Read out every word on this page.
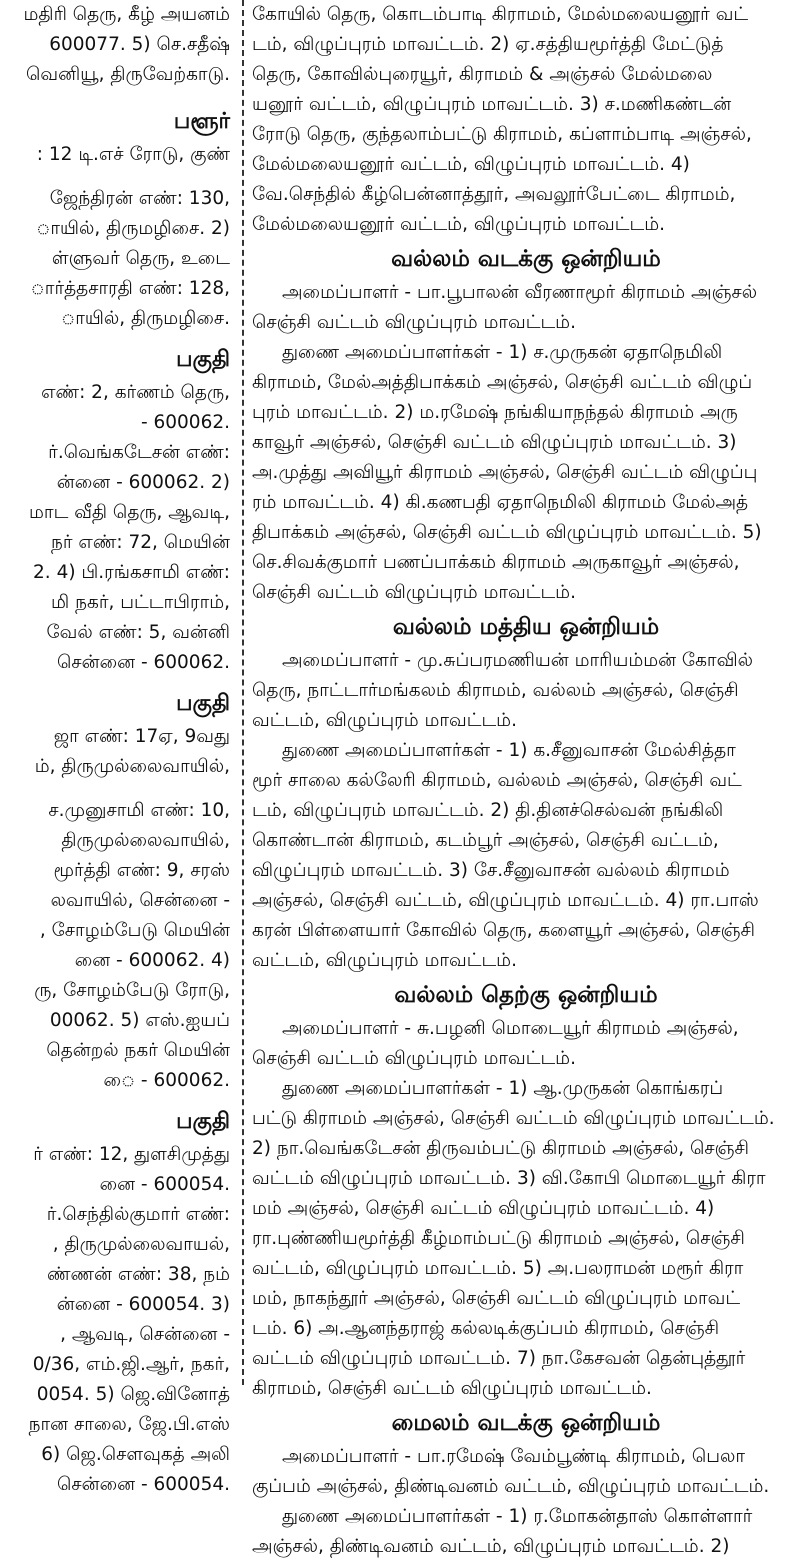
மதிரி தெரு, கீழ் அயனம்
600077. 5) செ.சதீஷ்
வெனியூ, திருவேற்காடு.
பளூர்
: 12 டி.எச் ரோடு, குண்
ஜேந்திரன் எண்: 130,
ாயில், திருமழிசை. 2)
ள்ளுவர் தெரு, உடை
ார்த்தசாரதி எண்: 128,
ாயில், திருமழிசை.
பகுதி
எண்: 2, கர்ணம் தெரு,
- 600062.
ர்.வெங்கடேசன் எண்:
ன்னை - 600062. 2)
மாட வீதி தெரு, ஆவடி,
நர் எண்: 72, மெயின்
2. 4) பி.ரங்கசாமி எண்:
மி நகர், பட்டாபிராம்,
வேல் எண்: 5, வன்னி
சென்னை - 600062.
பகுதி
ஜா எண்: 17ஏ, 9வது
ம், திருமுல்லைவாயில்,
ச.முனுசாமி எண்: 10,
திருமுல்லைவாயில்,
மூர்த்தி எண்: 9, சரஸ்
லவாயில், சென்னை -
, சோழம்பேடு மெயின்
னை - 600062. 4)
ரு, சோழம்பேடு ரோடு,
00062. 5) எஸ்.ஐயப்
தென்றல் நகர் மெயின்
ை - 600062.
பகுதி
ர் எண்: 12, துளசிமுத்து
னை - 600054.
ர்.செந்தில்குமார் எண்:
, திருமுல்லைவாயல்,
ண்ணன் எண்: 38, நம்
ன்னை - 600054. 3)
, ஆவடி, சென்னை -
0/36, எம்.ஜி.ஆர், நகர்,
0054. 5) ஜெ.வினோத்
நான சாலை, ஜே.பி.எஸ்
6) ஜெ.சௌவுகத் அலி
சென்னை - 600054.
கோயில் தெரு, கொடம்பாடி கிராமம், மேல்மலையனூர் வட்
டம், விழுப்புரம் மாவட்டம். 2) ஏ.சத்தியமூர்த்தி மேட்டுத்
தெரு, கோவில்புரையூர், கிராமம் & அஞ்சல் மேல்மலை
யனூர் வட்டம், விழுப்புரம் மாவட்டம். 3) ச.மணிகண்டன்
ரோடு தெரு, குந்தலாம்பட்டு கிராமம், கப்ளாம்பாடி அஞ்சல்,
மேல்மலையனூர் வட்டம், விழுப்புரம் மாவட்டம். 4)
வே.செந்தில் கீழ்பென்னாத்தூர், அவலூர்பேட்டை கிராமம்,
மேல்மலையனூர் வட்டம், விழுப்புரம் மாவட்டம்.
வல்லம் வடக்கு ஒன்றியம்
அமைப்பாளர் - பா.பூபாலன் வீரணாமூர் கிராமம் அஞ்சல்
செஞ்சி வட்டம் விழுப்புரம் மாவட்டம்.
துணை அமைப்பாளர்கள் - 1) ச.முருகன் ஏதாநெமிலி
கிராமம், மேல்அத்திபாக்கம் அஞ்சல், செஞ்சி வட்டம் விழுப்
புரம் மாவட்டம். 2) ம.ரமேஷ் நங்கியாநந்தல் கிராமம் அரு
காவூர் அஞ்சல், செஞ்சி வட்டம் விழுப்புரம் மாவட்டம். 3)
அ.முத்து அவியூர் கிராமம் அஞ்சல், செஞ்சி வட்டம் விழுப்பு
ரம் மாவட்டம். 4) கி.கணபதி ஏதாநெமிலி கிராமம் மேல்அத்
திபாக்கம் அஞ்சல், செஞ்சி வட்டம் விழுப்புரம் மாவட்டம். 5)
செ.சிவக்குமார் பணப்பாக்கம் கிராமம் அருகாவூர் அஞ்சல்,
செஞ்சி வட்டம் விழுப்புரம் மாவட்டம்.
வல்லம் மத்திய ஒன்றியம்
அமைப்பாளர் - மு.சுப்பரமணியன் மாரியம்மன் கோவில்
தெரு, நாட்டார்மங்கலம் கிராமம், வல்லம் அஞ்சல், செஞ்சி
வட்டம், விழுப்புரம் மாவட்டம்.
துணை அமைப்பாளர்கள் - 1) க.சீனுவாசன் மேல்சித்தா
மூர் சாலை கல்லேரி கிராமம், வல்லம் அஞ்சல், செஞ்சி வட்
டம், விழுப்புரம் மாவட்டம். 2) தி.தினச்செல்வன் நங்கிலி
கொண்டான் கிராமம், கடம்பூர் அஞ்சல், செஞ்சி வட்டம்,
விழுப்புரம் மாவட்டம். 3) சே.சீனுவாசன் வல்லம் கிராமம்
அஞ்சல், செஞ்சி வட்டம், விழுப்புரம் மாவட்டம். 4) ரா.பாஸ்
கரன் பிள்ளையார் கோவில் தெரு, களையூர் அஞ்சல், செஞ்சி
வட்டம், விழுப்புரம் மாவட்டம்.
வல்லம் தெற்கு ஒன்றியம்
அமைப்பாளர் - சு.பழனி மொடையூர் கிராமம் அஞ்சல்,
செஞ்சி வட்டம் விழுப்புரம் மாவட்டம்.
துணை அமைப்பாளர்கள் - 1) ஆ.முருகன் கொங்கரப்
பட்டு கிராமம் அஞ்சல், செஞ்சி வட்டம் விழுப்புரம் மாவட்டம்.
2) நா.வெங்கடேசன் திருவம்பட்டு கிராமம் அஞ்சல், செஞ்சி
வட்டம் விழுப்புரம் மாவட்டம். 3) வி.கோபி மொடையூர் கிரா
மம் அஞ்சல், செஞ்சி வட்டம் விழுப்புரம் மாவட்டம். 4)
ரா.புண்ணியமூர்த்தி கீழ்மாம்பட்டு கிராமம் அஞ்சல், செஞ்சி
வட்டம், விழுப்புரம் மாவட்டம். 5) அ.பலராமன் மரூர் கிரா
மம், நாகந்தூர் அஞ்சல், செஞ்சி வட்டம் விழுப்புரம் மாவட்
டம். 6) அ.ஆனந்தராஜ் கல்லடிக்குப்பம் கிராமம், செஞ்சி
வட்டம் விழுப்புரம் மாவட்டம். 7) நா.கேசவன் தென்புத்தூர்
கிராமம், செஞ்சி வட்டம் விழுப்புரம் மாவட்டம்.
மைலம் வடக்கு ஒன்றியம்
அமைப்பாளர் - பா.ரமேஷ் வேம்பூண்டி கிராமம், பெலா
குப்பம் அஞ்சல், திண்டிவனம் வட்டம், விழுப்புரம் மாவட்டம்.
துணை அமைப்பாளர்கள் - 1) ர.மோகன்தாஸ் கொள்ளார்
அஞ்சல், திண்டிவனம் வட்டம், விழுப்புரம் மாவட்டம். 2)
